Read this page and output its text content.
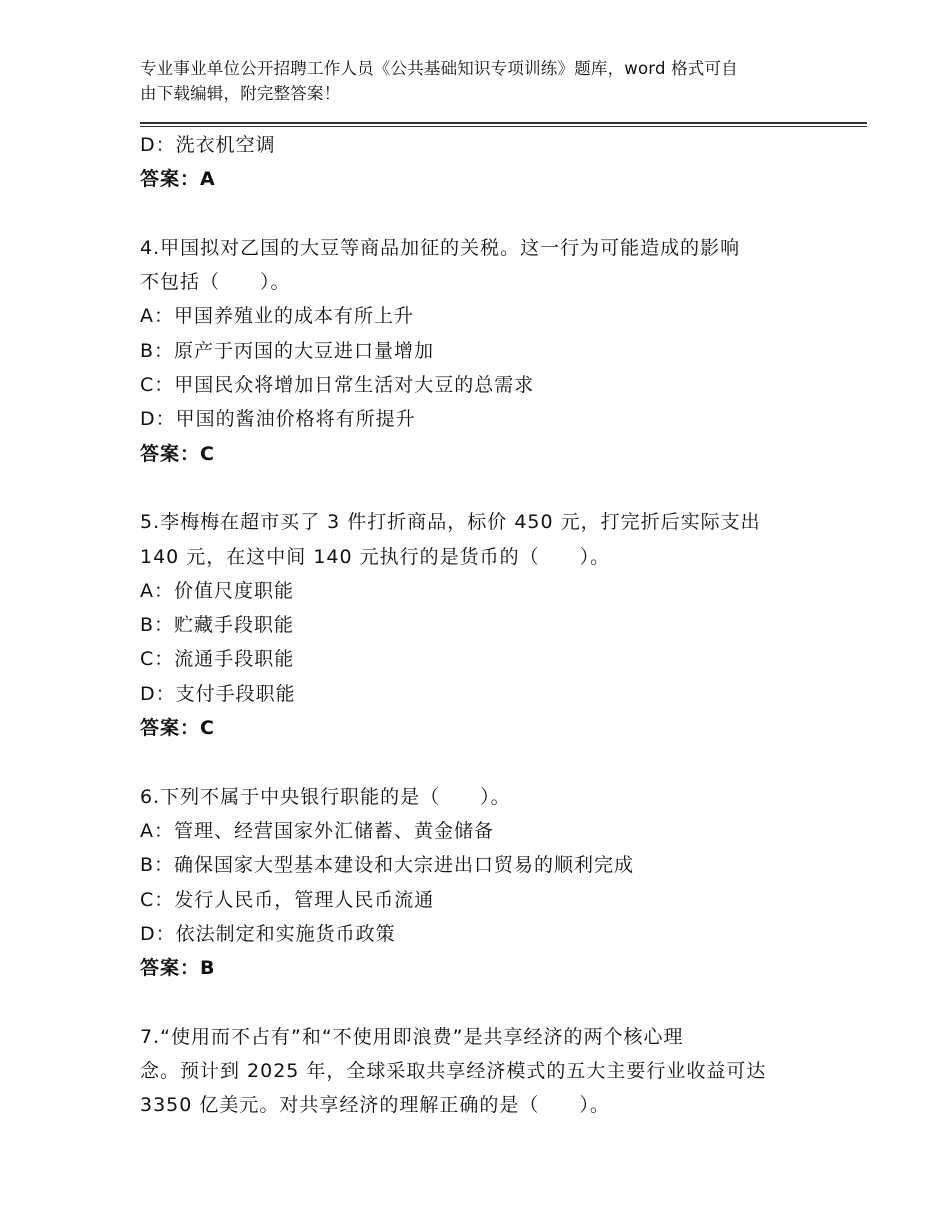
专业事业单位公开招聘工作人员《公共基础知识专项训练》题库，word 格式可自
由下载编辑，附完整答案！
D：洗衣机空调
答案：A
4.甲国拟对乙国的大豆等商品加征的关税。这一行为可能造成的影响
不包括（　　）。
A：甲国养殖业的成本有所上升
B：原产于丙国的大豆进口量增加
C：甲国民众将增加日常生活对大豆的总需求
D：甲国的酱油价格将有所提升
答案：C
5.李梅梅在超市买了 3 件打折商品，标价 450 元，打完折后实际支出
140 元，在这中间 140 元执行的是货币的（　　）。
A：价值尺度职能
B：贮藏手段职能
C：流通手段职能
D：支付手段职能
答案：C
6.下列不属于中央银行职能的是（　　）。
A：管理、经营国家外汇储蓄、黄金储备
B：确保国家大型基本建设和大宗进出口贸易的顺利完成
C：发行人民币，管理人民币流通
D：依法制定和实施货币政策
答案：B
7.“使用而不占有”和“不使用即浪费”是共享经济的两个核心理
念。预计到 2025 年，全球采取共享经济模式的五大主要行业收益可达
3350 亿美元。对共享经济的理解正确的是（　　）。
